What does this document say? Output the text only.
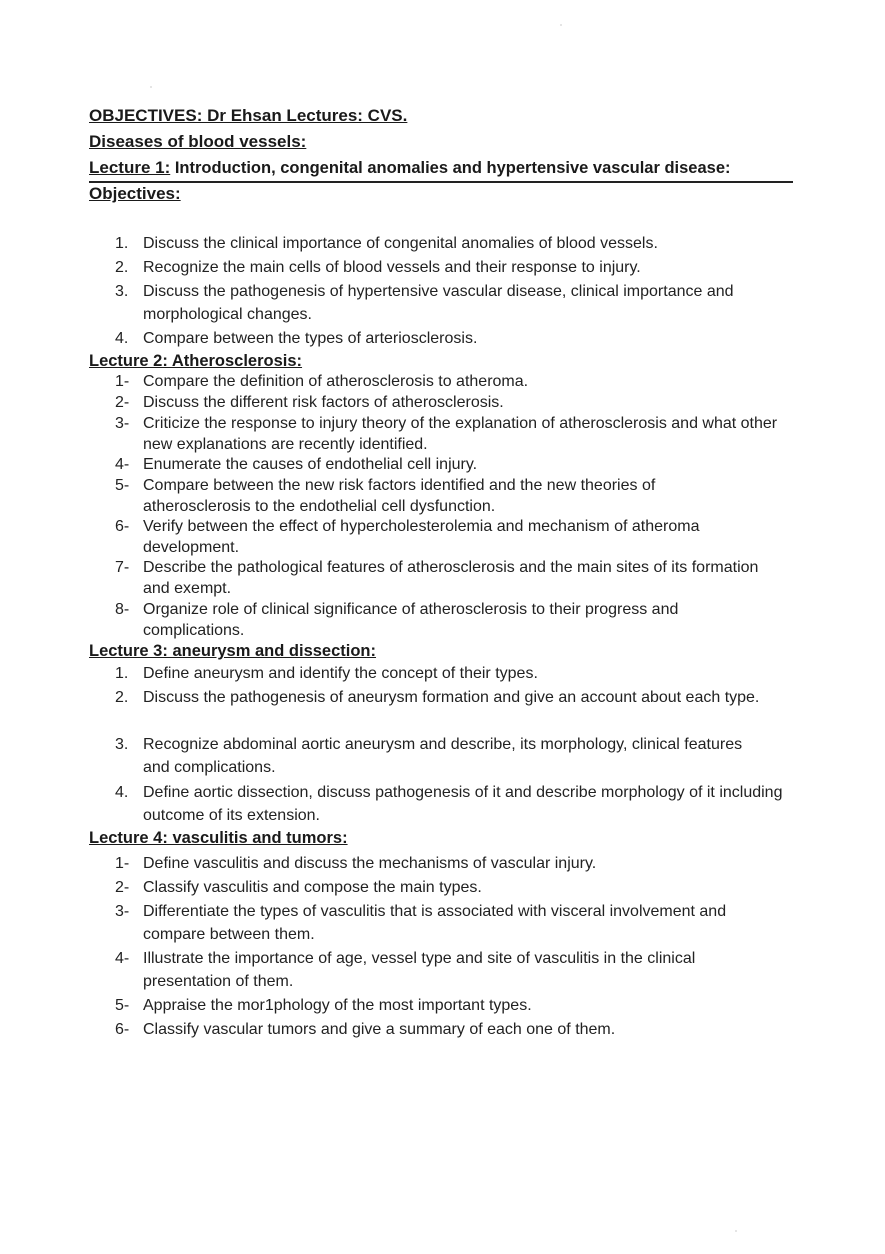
OBJECTIVES: Dr Ehsan Lectures: CVS.
Diseases of blood vessels:
Lecture 1: Introduction, congenital anomalies and hypertensive vascular disease:
Objectives:
1. Discuss the clinical importance of congenital anomalies of blood vessels.
2. Recognize the main cells of blood vessels and their response to injury.
3. Discuss the pathogenesis of hypertensive vascular disease, clinical importance and morphological changes.
4. Compare between the types of arteriosclerosis.
Lecture 2: Atherosclerosis:
1- Compare the definition of atherosclerosis to atheroma.
2- Discuss the different risk factors of atherosclerosis.
3- Criticize the response to injury theory of the explanation of atherosclerosis and what other new explanations are recently identified.
4- Enumerate the causes of endothelial cell injury.
5- Compare between the new risk factors identified and the new theories of atherosclerosis to the endothelial cell dysfunction.
6- Verify between the effect of hypercholesterolemia and mechanism of atheroma development.
7- Describe the pathological features of atherosclerosis and the main sites of its formation and exempt.
8- Organize role of clinical significance of atherosclerosis to their progress and complications.
Lecture 3: aneurysm and dissection:
1. Define aneurysm and identify the concept of their types.
2. Discuss the pathogenesis of aneurysm formation and give an account about each type.
3. Recognize abdominal aortic aneurysm and describe, its morphology, clinical features and complications.
4. Define aortic dissection, discuss pathogenesis of it and describe morphology of it including outcome of its extension.
Lecture 4: vasculitis and tumors:
1- Define vasculitis and discuss the mechanisms of vascular injury.
2- Classify vasculitis and compose the main types.
3- Differentiate the types of vasculitis that is associated with visceral involvement and compare between them.
4- Illustrate the importance of age, vessel type and site of vasculitis in the clinical presentation of them.
5- Appraise the mor1phology of the most important types.
6- Classify vascular tumors and give a summary of each one of them.
